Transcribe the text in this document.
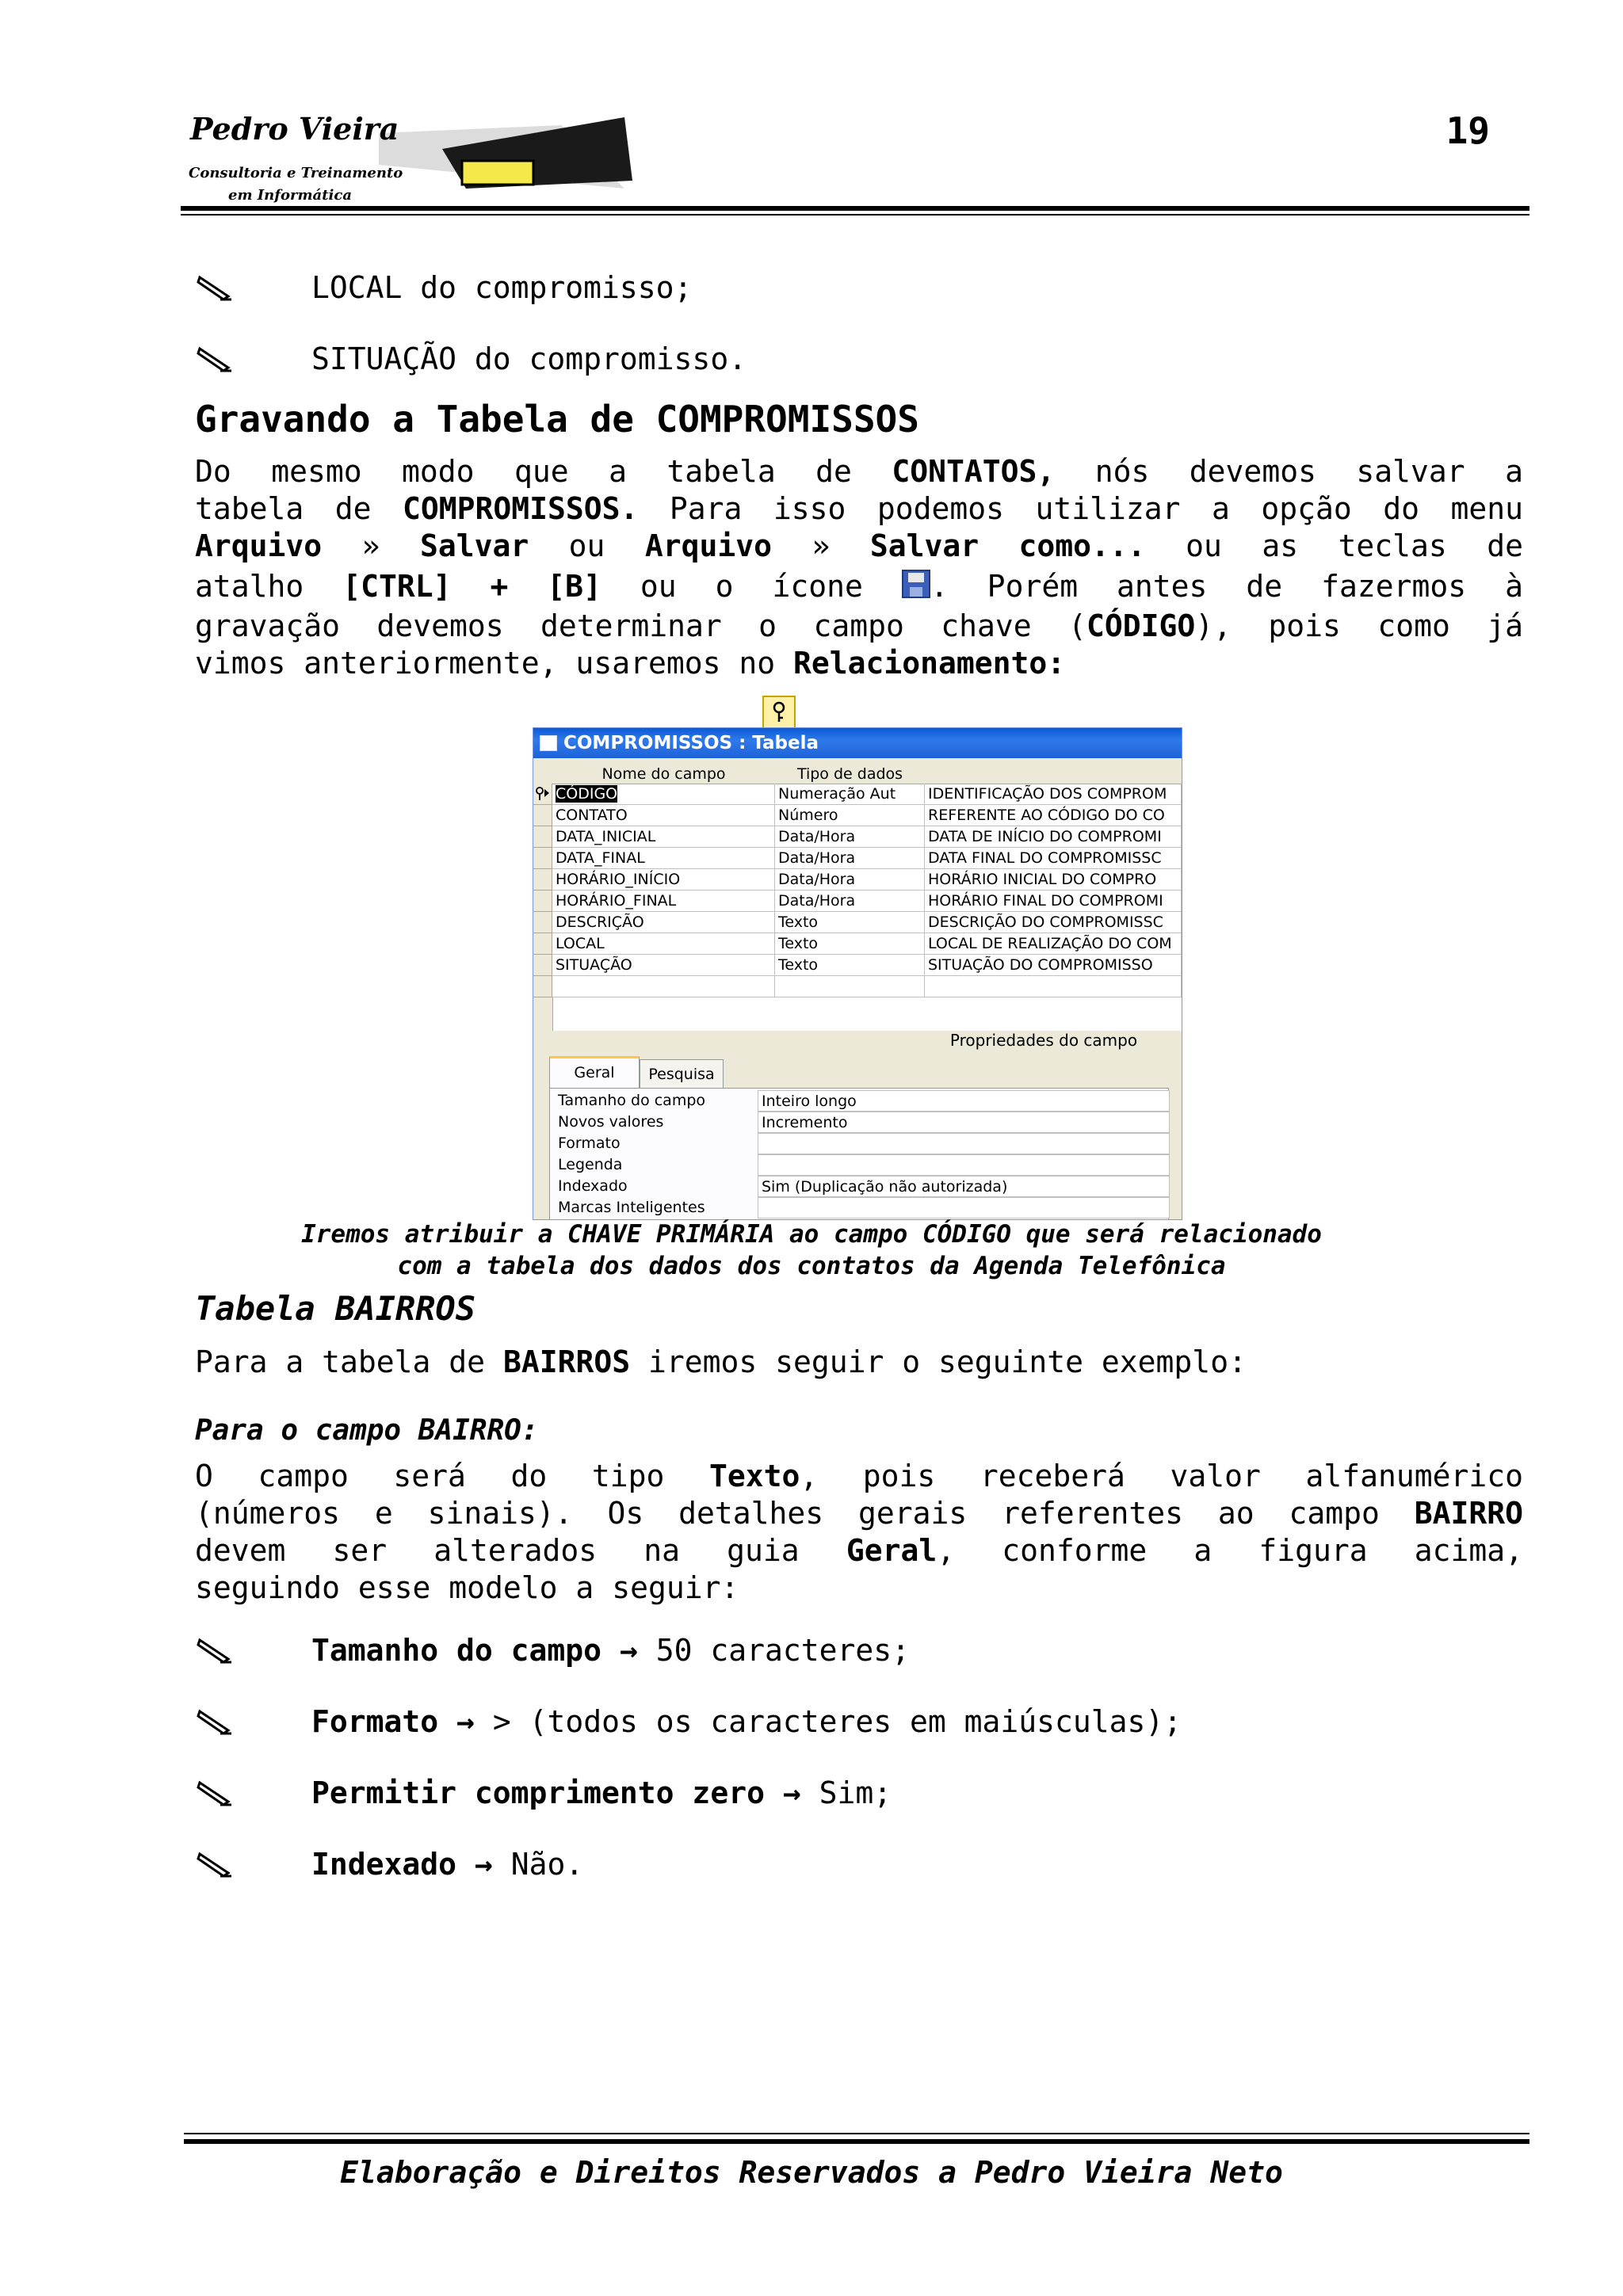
Pedro Vieira
Consultoria e Treinamento
em Informática
19
LOCAL do compromisso;
SITUAÇÃO do compromisso.
Gravando a Tabela de COMPROMISSOS
Do mesmo modo que a tabela de CONTATOS, nós devemos salvar a
tabela de COMPROMISSOS. Para isso podemos utilizar a opção do menu
Arquivo » Salvar ou Arquivo » Salvar como... ou as teclas de
atalho [CTRL] + [B] ou o ícone
. Porém antes de fazermos à
gravação devemos determinar o campo chave (CÓDIGO), pois como já
vimos anteriormente, usaremos no Relacionamento:
COMPROMISSOS : Tabela
Nome do campo	Tipo de dados
CÓDIGO	Numeração Aut	IDENTIFICAÇÃO DOS COMPROM
CONTATO	Número	REFERENTE AO CÓDIGO DO CO
DATA_INICIAL	Data/Hora	DATA DE INÍCIO DO COMPROMI
DATA_FINAL	Data/Hora	DATA FINAL DO COMPROMISSC
HORÁRIO_INÍCIO	Data/Hora	HORÁRIO INICIAL DO COMPRO
HORÁRIO_FINAL	Data/Hora	HORÁRIO FINAL DO COMPROMI
DESCRIÇÃO	Texto	DESCRIÇÃO DO COMPROMISSC
LOCAL	Texto	LOCAL DE REALIZAÇÃO DO COM
SITUAÇÃO	Texto	SITUAÇÃO DO COMPROMISSO
Propriedades do campo
Geral	Pesquisa
Tamanho do campo	Inteiro longo
Novos valores	Incremento
Formato
Legenda
Indexado	Sim (Duplicação não autorizada)
Marcas Inteligentes
Iremos atribuir a CHAVE PRIMÁRIA ao campo CÓDIGO que será relacionado
com a tabela dos dados dos contatos da Agenda Telefônica
Tabela BAIRROS
Para a tabela de BAIRROS iremos seguir o seguinte exemplo:
Para o campo BAIRRO:
O campo será do tipo Texto, pois receberá valor alfanumérico
(números e sinais). Os detalhes gerais referentes ao campo BAIRRO
devem ser alterados na guia Geral, conforme a figura acima,
seguindo esse modelo a seguir:
Tamanho do campo → 50 caracteres;
Formato → > (todos os caracteres em maiúsculas);
Permitir comprimento zero → Sim;
Indexado → Não.
Elaboração e Direitos Reservados a Pedro Vieira Neto
